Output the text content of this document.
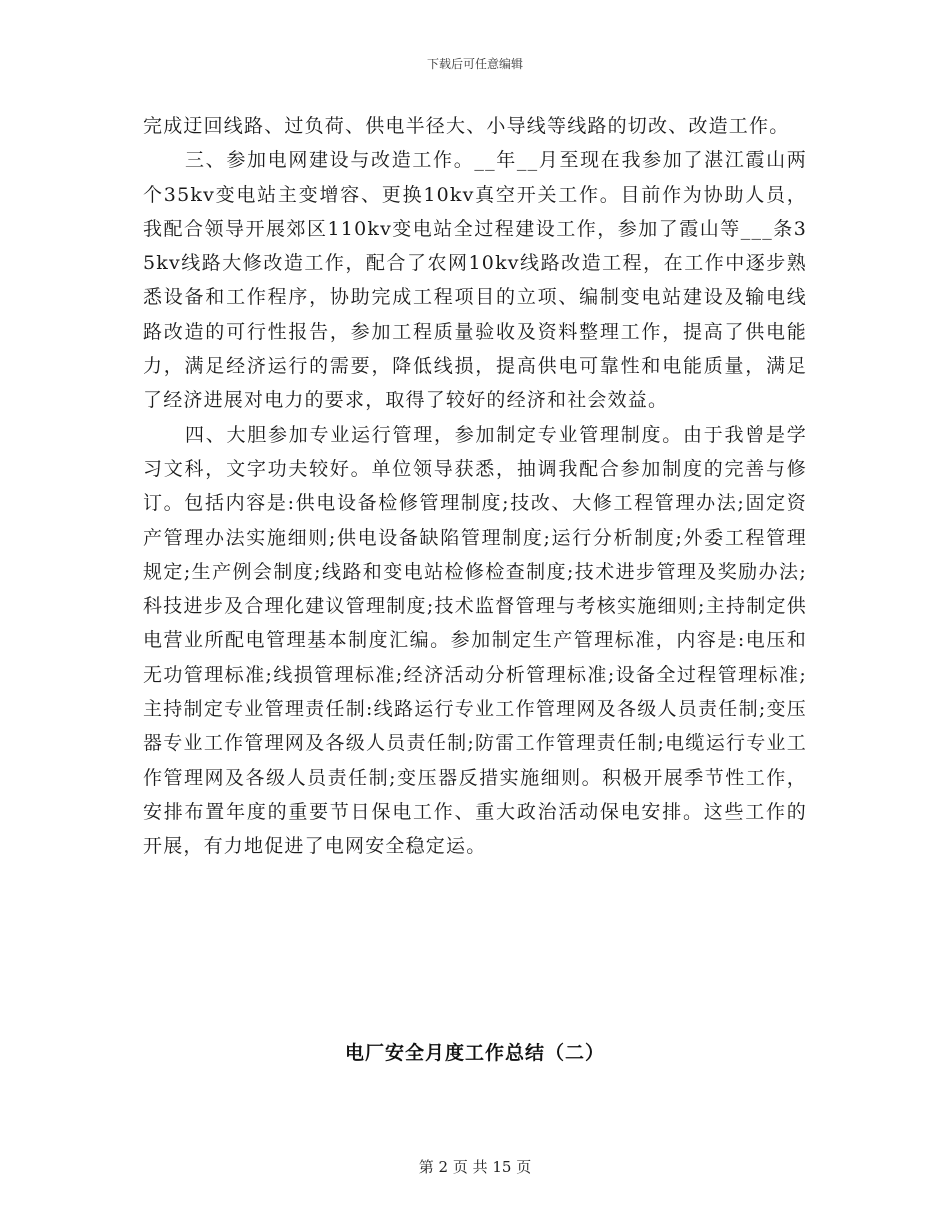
下载后可任意编辑

完成迂回线路、过负荷、供电半径大、小导线等线路的切改、改造工作。

三、参加电网建设与改造工作。__年__月至现在我参加了湛江霞山两个35kv变电站主变增容、更换10kv真空开关工作。目前作为协助人员，我配合领导开展郊区110kv变电站全过程建设工作，参加了霞山等___条35kv线路大修改造工作，配合了农网10kv线路改造工程，在工作中逐步熟悉设备和工作程序，协助完成工程项目的立项、编制变电站建设及输电线路改造的可行性报告，参加工程质量验收及资料整理工作，提高了供电能力，满足经济运行的需要，降低线损，提高供电可靠性和电能质量，满足了经济进展对电力的要求，取得了较好的经济和社会效益。

四、大胆参加专业运行管理，参加制定专业管理制度。由于我曾是学习文科，文字功夫较好。单位领导获悉，抽调我配合参加制度的完善与修订。包括内容是:供电设备检修管理制度;技改、大修工程管理办法;固定资产管理办法实施细则;供电设备缺陷管理制度;运行分析制度;外委工程管理规定;生产例会制度;线路和变电站检修检查制度;技术进步管理及奖励办法;科技进步及合理化建议管理制度;技术监督管理与考核实施细则;主持制定供电营业所配电管理基本制度汇编。参加制定生产管理标准，内容是:电压和无功管理标准;线损管理标准;经济活动分析管理标准;设备全过程管理标准;主持制定专业管理责任制:线路运行专业工作管理网及各级人员责任制;变压器专业工作管理网及各级人员责任制;防雷工作管理责任制;电缆运行专业工作管理网及各级人员责任制;变压器反措实施细则。积极开展季节性工作，安排布置年度的重要节日保电工作、重大政治活动保电安排。这些工作的开展，有力地促进了电网安全稳定运。

电厂安全月度工作总结（二）
第 2 页 共 15 页
